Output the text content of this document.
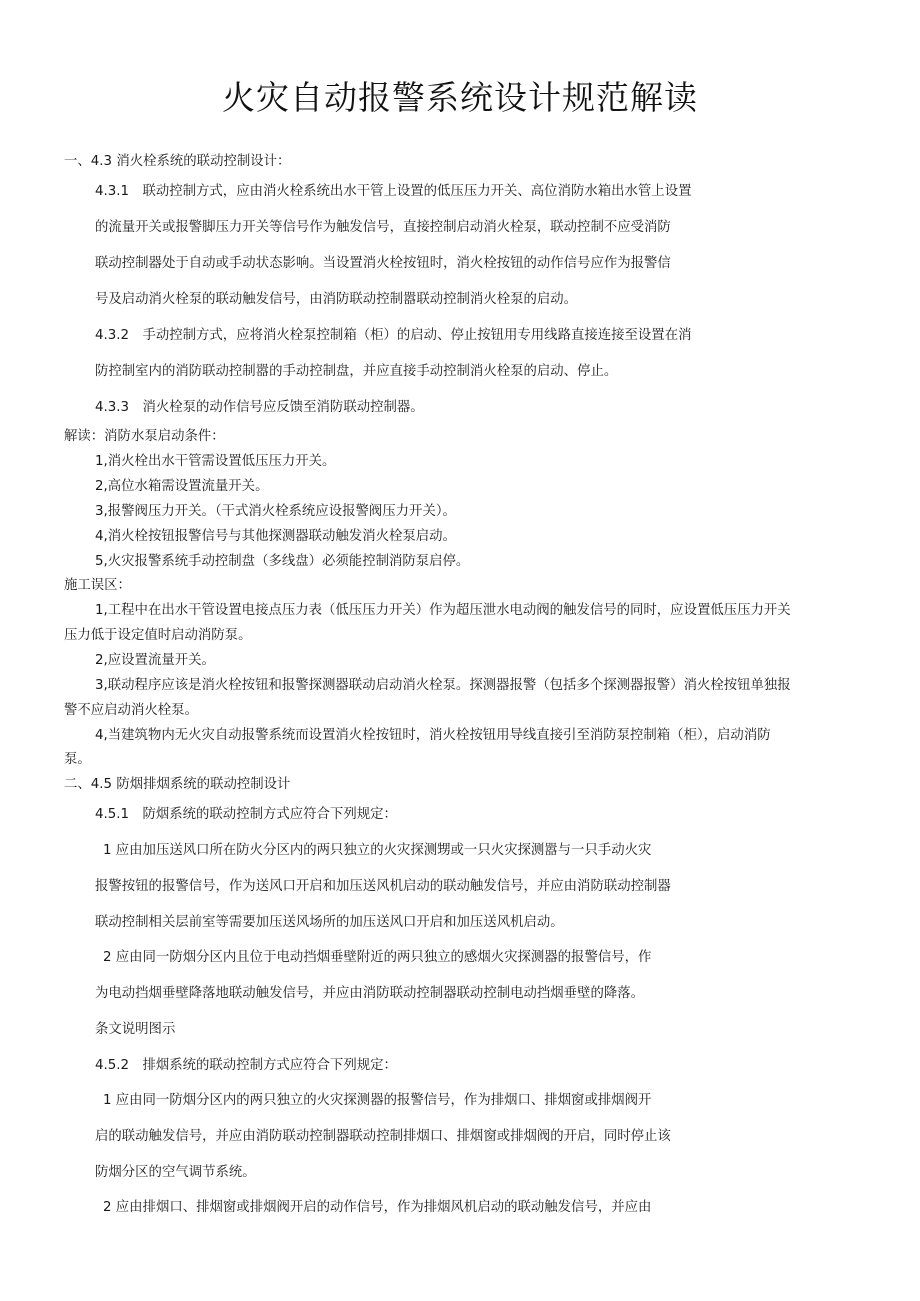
火灾自动报警系统设计规范解读
一、4.3 消火栓系统的联动控制设计：
4.3.1　联动控制方式，应由消火栓系统出水干管上设置的低压压力开关、高位消防水箱出水管上设置
的流量开关或报警脚压力开关等信号作为触发信号，直接控制启动消火栓泵，联动控制不应受消防
联动控制器处于自动或手动状态影响。当设置消火栓按钮时，消火栓按钮的动作信号应作为报警信
号及启动消火栓泵的联动触发信号，由消防联动控制嚣联动控制消火栓泵的启动。
4.3.2　手动控制方式，应将消火栓泵控制箱（柜）的启动、停止按钮用专用线路直接连接至设置在消
防控制室内的消防联动控制嚣的手动控制盘，并应直接手动控制消火栓泵的启动、停止。
4.3.3　消火栓泵的动作信号应反馈至消防联动控制器。
解读：消防水泵启动条件：
1,消火栓出水干管需设置低压压力开关。
2,高位水箱需设置流量开关。
3,报警阀压力开关。（干式消火栓系统应设报警阀压力开关）。
4,消火栓按钮报警信号与其他探测器联动触发消火栓泵启动。
5,火灾报警系统手动控制盘（多线盘）必须能控制消防泵启停。
施工误区：
1,工程中在出水干管设置电接点压力表（低压压力开关）作为超压泄水电动阀的触发信号的同时，应设置低压压力开关
压力低于设定值时启动消防泵。
2,应设置流量开关。
3,联动程序应该是消火栓按钮和报警探测器联动启动消火栓泵。探测器报警（包括多个探测器报警）消火栓按钮单独报
警不应启动消火栓泵。
4,当建筑物内无火灾自动报警系统而设置消火栓按钮时，消火栓按钮用导线直接引至消防泵控制箱（柜），启动消防
泵。
二、4.5 防烟排烟系统的联动控制设计
4.5.1　防烟系统的联动控制方式应符合下列规定：
1 应由加压送风口所在防火分区内的两只独立的火灾探测甥或一只火灾探测嚣与一只手动火灾
报警按钮的报警信号，作为送风口开启和加压送风机启动的联动触发信号，并应由消防联动控制器
联动控制相关层前室等需要加压送风场所的加压送风口开启和加压送风机启动。
2 应由同一防烟分区内且位于电动挡烟垂壁附近的两只独立的感烟火灾探测器的报警信号，作
为电动挡烟垂壁降落地联动触发信号，并应由消防联动控制器联动控制电动挡烟垂壁的降落。
条文说明图示
4.5.2　排烟系统的联动控制方式应符合下列规定：
1 应由同一防烟分区内的两只独立的火灾探测器的报警信号，作为排烟口、排烟窗或排烟阀开
启的联动触发信号，并应由消防联动控制器联动控制排烟口、排烟窗或排烟阀的开启，同时停止该
防烟分区的空气调节系统。
2 应由排烟口、排烟窗或排烟阀开启的动作信号，作为排烟风机启动的联动触发信号，并应由
